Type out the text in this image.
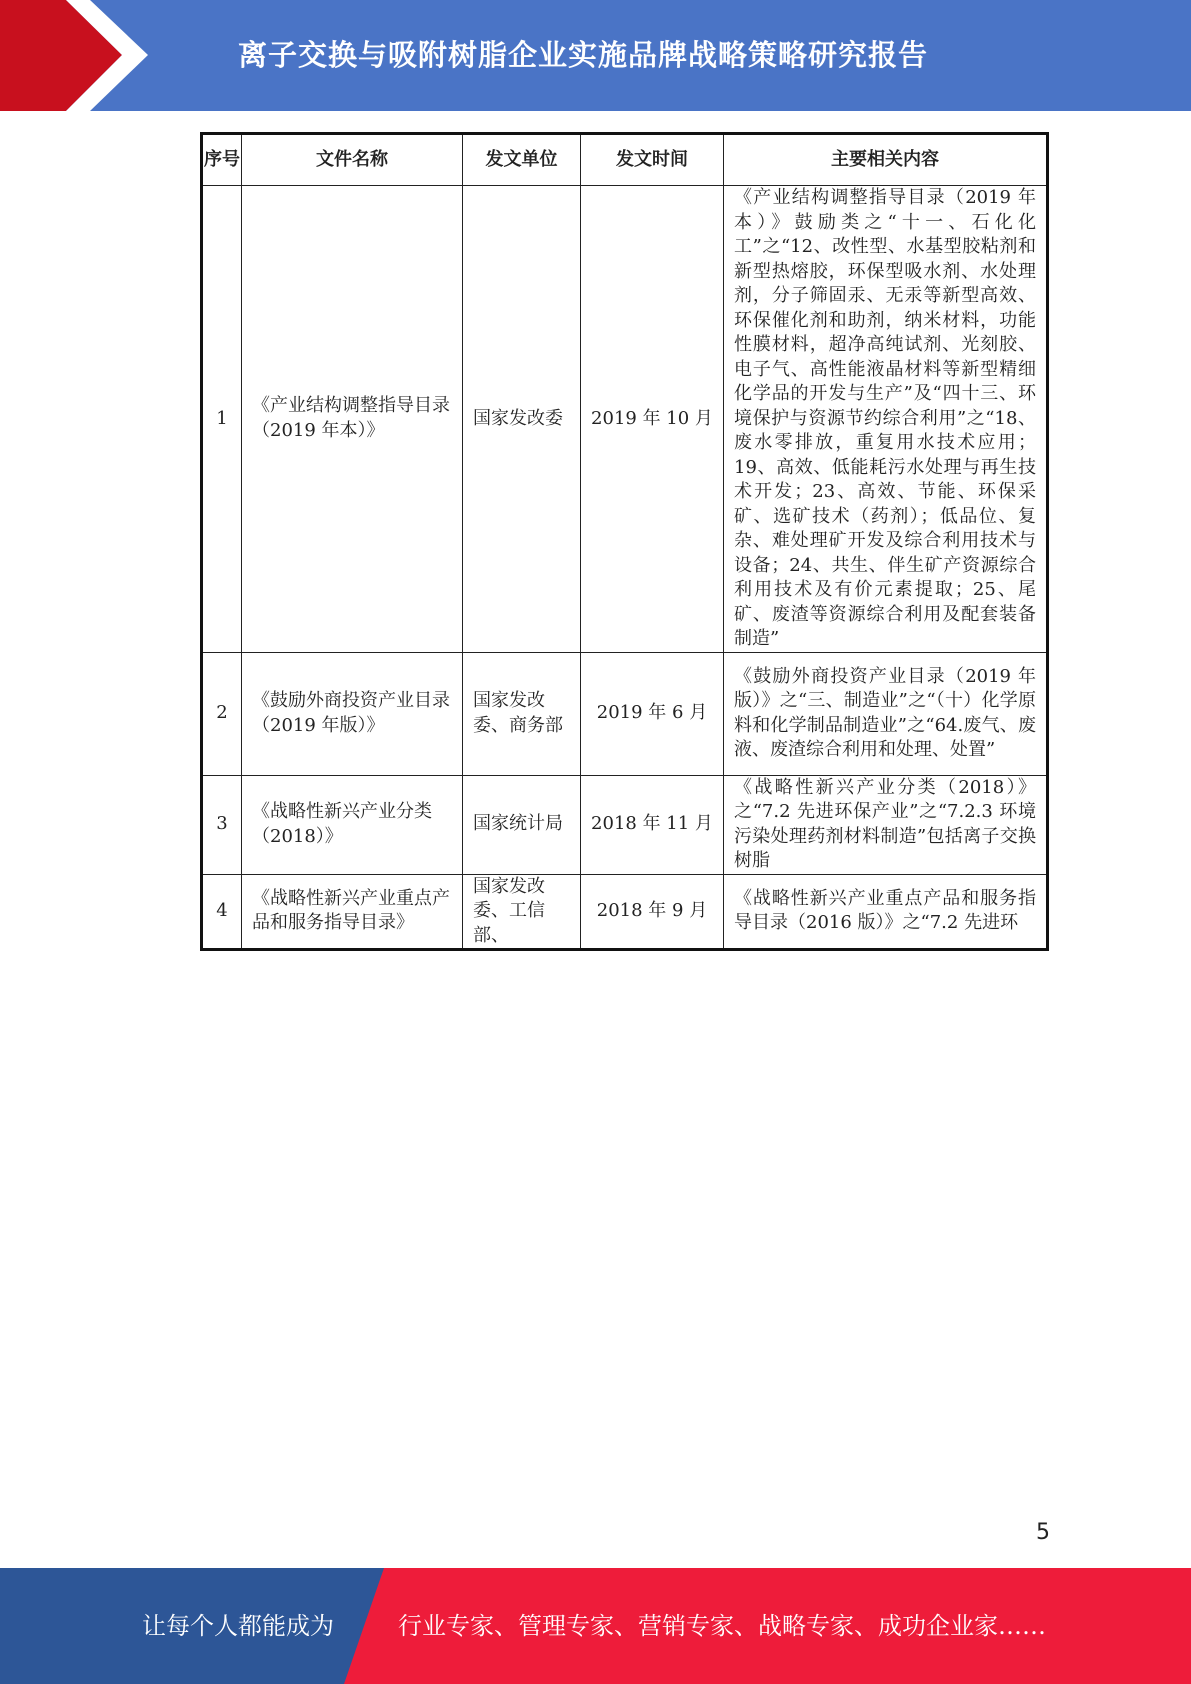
离子交换与吸附树脂企业实施品牌战略策略研究报告
序号	文件名称	发文单位	发文时间	主要相关内容
1	《产业结构调整指导目录（2019 年本）》	国家发改委	2019 年 10 月	《产业结构调整指导目录（2019 年本）》鼓励类之“十一、石化化工”之“12、改性型、水基型胶粘剂和新型热熔胶，环保型吸水剂、水处理剂，分子筛固汞、无汞等新型高效、环保催化剂和助剂，纳米材料，功能性膜材料，超净高纯试剂、光刻胶、电子气、高性能液晶材料等新型精细化学品的开发与生产”及“四十三、环境保护与资源节约综合利用”之“18、废水零排放，重复用水技术应用；19、高效、低能耗污水处理与再生技术开发；23、高效、节能、环保采矿、选矿技术（药剂）；低品位、复杂、难处理矿开发及综合利用技术与设备；24、共生、伴生矿产资源综合利用技术及有价元素提取；25、尾矿、废渣等资源综合利用及配套装备制造”
2	《鼓励外商投资产业目录（2019 年版）》	国家发改委、商务部	2019 年 6 月	《鼓励外商投资产业目录（2019 年版）》之“三、制造业”之“（十）化学原料和化学制品制造业”之“64.废气、废液、废渣综合利用和处理、处置”
3	《战略性新兴产业分类（2018）》	国家统计局	2018 年 11 月	《战略性新兴产业分类（2018）》之“7.2 先进环保产业”之“7.2.3 环境污染处理药剂材料制造”包括离子交换树脂
4	《战略性新兴产业重点产品和服务指导目录》	国家发改委、工信部、	2018 年 9 月	《战略性新兴产业重点产品和服务指导目录（2016 版）》之“7.2 先进环
5
让每个人都能成为	行业专家、管理专家、营销专家、战略专家、成功企业家……
